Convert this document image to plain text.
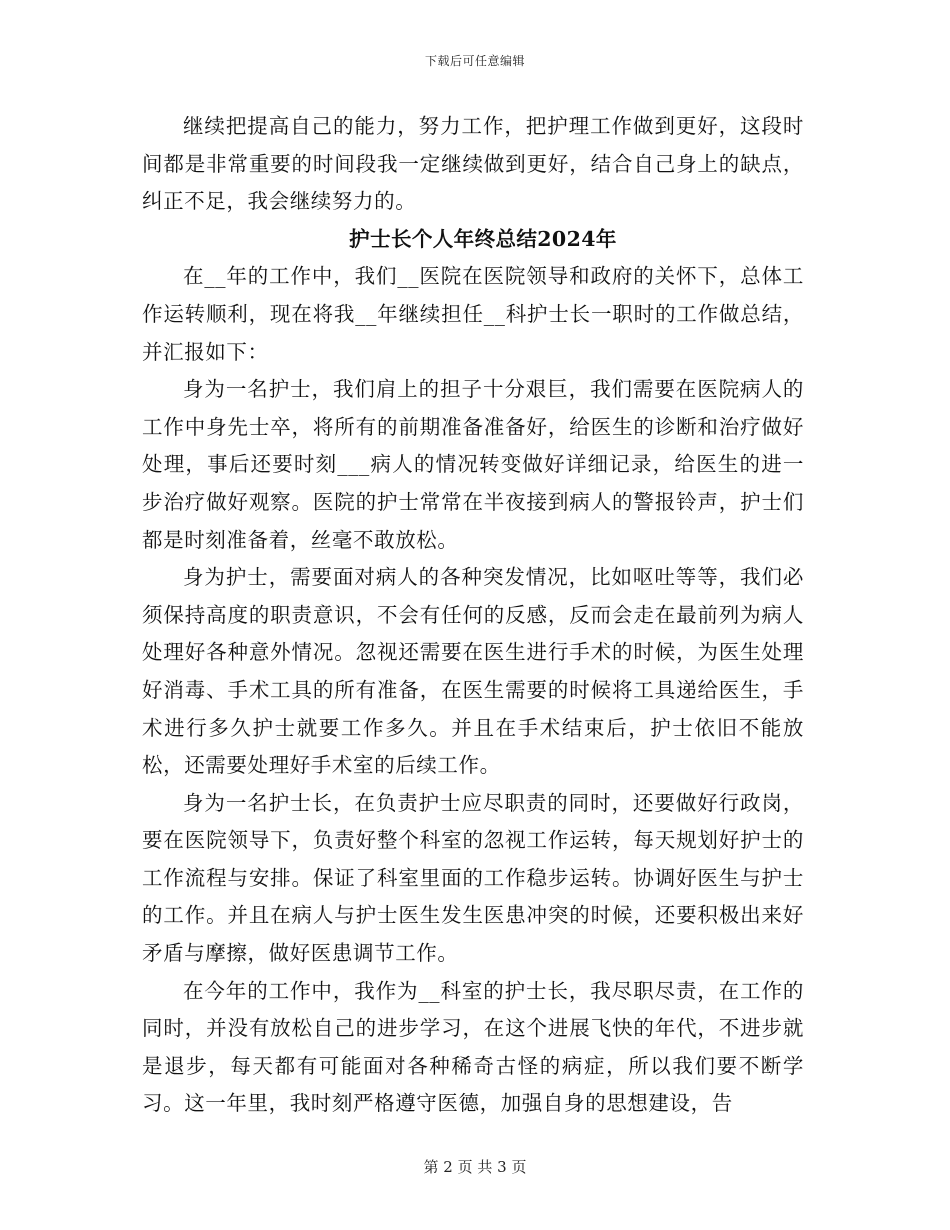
下载后可任意编辑

继续把提高自己的能力，努力工作，把护理工作做到更好，这段时间都是非常重要的时间段我一定继续做到更好，结合自己身上的缺点，纠正不足，我会继续努力的。

护士长个人年终总结2024年

在__年的工作中，我们__医院在医院领导和政府的关怀下，总体工作运转顺利，现在将我__年继续担任__科护士长一职时的工作做总结，并汇报如下：

身为一名护士，我们肩上的担子十分艰巨，我们需要在医院病人的工作中身先士卒，将所有的前期准备准备好，给医生的诊断和治疗做好处理，事后还要时刻___病人的情况转变做好详细记录，给医生的进一步治疗做好观察。医院的护士常常在半夜接到病人的警报铃声，护士们都是时刻准备着，丝毫不敢放松。

身为护士，需要面对病人的各种突发情况，比如呕吐等等，我们必须保持高度的职责意识，不会有任何的反感，反而会走在最前列为病人处理好各种意外情况。忽视还需要在医生进行手术的时候，为医生处理好消毒、手术工具的所有准备，在医生需要的时候将工具递给医生，手术进行多久护士就要工作多久。并且在手术结束后，护士依旧不能放松，还需要处理好手术室的后续工作。

身为一名护士长，在负责护士应尽职责的同时，还要做好行政岗，要在医院领导下，负责好整个科室的忽视工作运转，每天规划好护士的工作流程与安排。保证了科室里面的工作稳步运转。协调好医生与护士的工作。并且在病人与护士医生发生医患冲突的时候，还要积极出来好矛盾与摩擦，做好医患调节工作。

在今年的工作中，我作为__科室的护士长，我尽职尽责，在工作的同时，并没有放松自己的进步学习，在这个进展飞快的年代，不进步就是退步，每天都有可能面对各种稀奇古怪的病症，所以我们要不断学习。这一年里，我时刻严格遵守医德，加强自身的思想建设，告

第 2 页 共 3 页
